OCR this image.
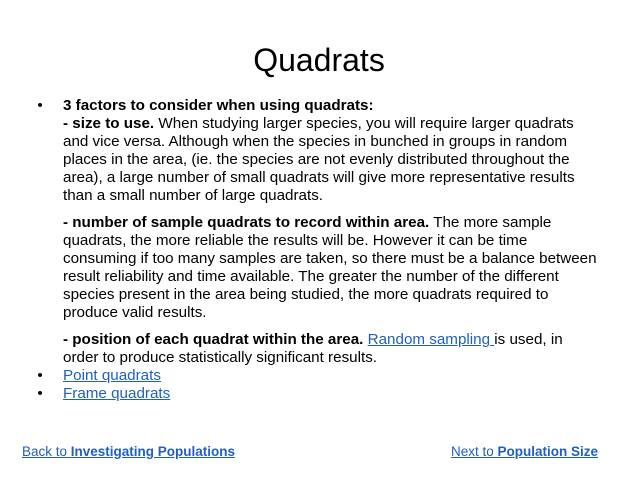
Quadrats
• 3 factors to consider when using quadrats:
- size to use. When studying larger species, you will require larger quadrats and vice versa. Although when the species in bunched in groups in random places in the area, (ie. the species are not evenly distributed throughout the area), a large number of small quadrats will give more representative results than a small number of large quadrats.

- number of sample quadrats to record within area. The more sample quadrats, the more reliable the results will be. However it can be time consuming if too many samples are taken, so there must be a balance between result reliability and time available. The greater the number of the different species present in the area being studied, the more quadrats required to produce valid results.

- position of each quadrat within the area. Random sampling is used, in order to produce statistically significant results.

• Point quadrats
• Frame quadrats
Back to Investigating Populations	Next to Population Size
